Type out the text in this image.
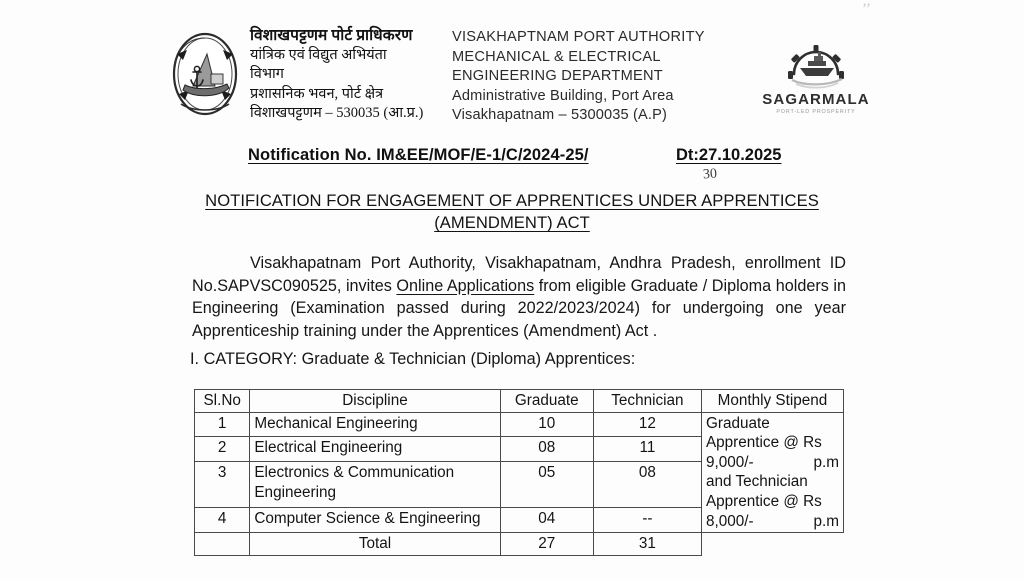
’’
विशाखपट्टणम पोर्ट प्राधिकरण
यांत्रिक एवं विद्युत अभियंता
विभाग
प्रशासनिक भवन, पोर्ट क्षेत्र
विशाखपट्टणम – 530035 (आ.प्र.)
VISAKHAPTNAM PORT AUTHORITY
MECHANICAL & ELECTRICAL
ENGINEERING DEPARTMENT
Administrative Building, Port Area
Visakhapatnam – 5300035 (A.P)
SAGARMALA
PORT-LED PROSPERITY
Notification No. IM&EE/MOF/E-1/C/2024-25/	Dt:27.10.2025
30
NOTIFICATION FOR ENGAGEMENT OF APPRENTICES UNDER APPRENTICES
(AMENDMENT) ACT
Visakhapatnam Port Authority, Visakhapatnam, Andhra Pradesh, enrollment ID No.SAPVSC090525, invites Online Applications from eligible Graduate / Diploma holders in Engineering (Examination passed during 2022/2023/2024) for undergoing one year Apprenticeship training under the Apprentices (Amendment) Act .
I. CATEGORY: Graduate & Technician (Diploma) Apprentices:
Sl.No	Discipline	Graduate	Technician	Monthly Stipend
1	Mechanical Engineering	10	12	Graduate
Apprentice @ Rs
9,000/- p.m
and Technician
Apprentice @ Rs
8,000/- p.m

2	Electrical Engineering	08	11	
3	Electronics & Communication Engineering	05	08	
4	Computer Science & Engineering	04	--	
	Total	27	31	
